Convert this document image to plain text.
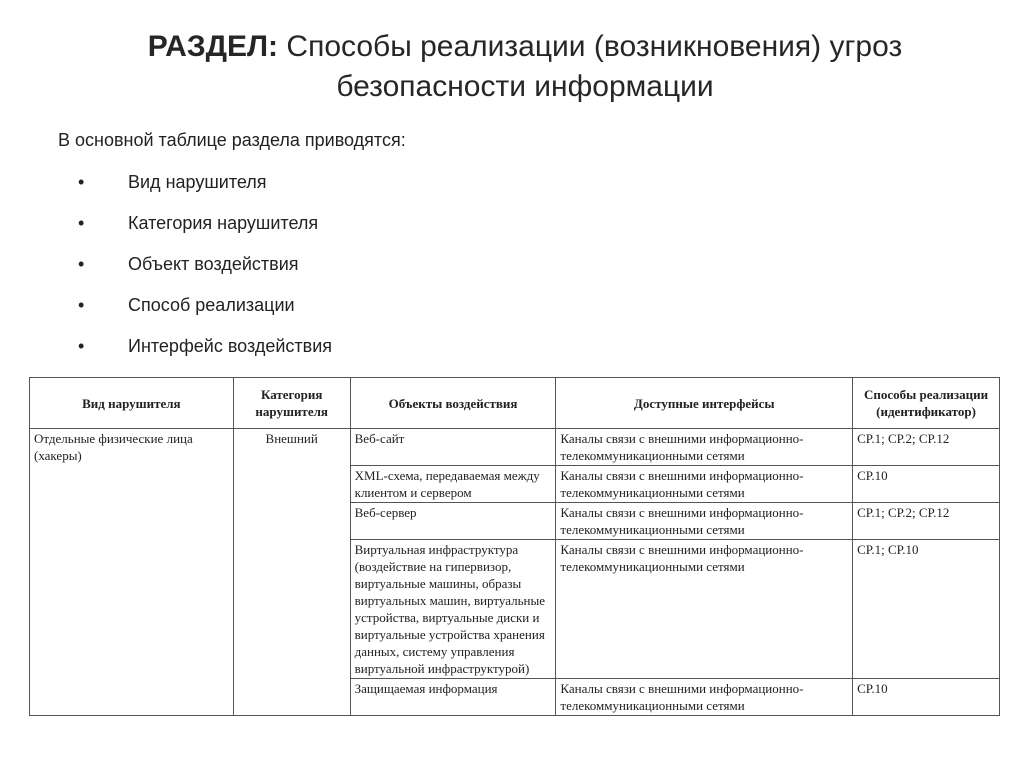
РАЗДЕЛ: Способы реализации (возникновения) угроз безопасности информации
В основной таблице раздела приводятся:
• Вид нарушителя
• Категория нарушителя
• Объект воздействия
• Способ реализации
• Интерфейс воздействия
Вид нарушителя	Категория нарушителя	Объекты воздействия	Доступные интерфейсы	Способы реализации (идентификатор)
Отдельные физические лица (хакеры)	Внешний	Веб-сайт	Каналы связи с внешними информационно-телекоммуникационными сетями	СР.1; СР.2; СР.12
		XML-схема, передаваемая между клиентом и сервером	Каналы связи с внешними информационно-телекоммуникационными сетями	СР.10
		Веб-сервер	Каналы связи с внешними информационно-телекоммуникационными сетями	СР.1; СР.2; СР.12
		Виртуальная инфраструктура (воздействие на гипервизор, виртуальные машины, образы виртуальных машин, виртуальные устройства, виртуальные диски и виртуальные устройства хранения данных, систему управления виртуальной инфраструктурой)	Каналы связи с внешними информационно-телекоммуникационными сетями	СР.1; СР.10
		Защищаемая информация	Каналы связи с внешними информационно-телекоммуникационными сетями	СР.10
